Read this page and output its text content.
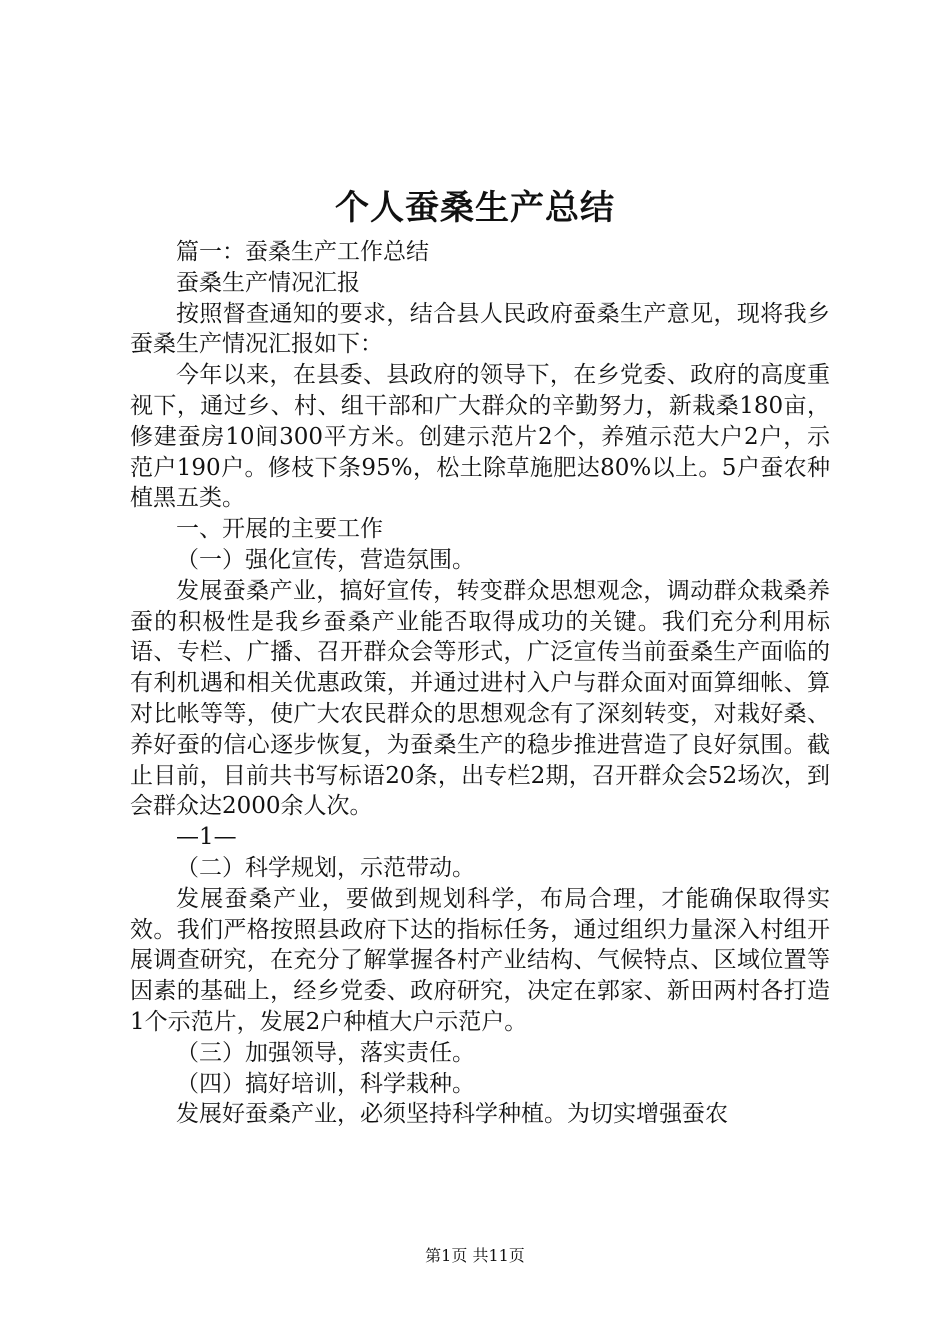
个人蚕桑生产总结

篇一：蚕桑生产工作总结

蚕桑生产情况汇报

按照督查通知的要求，结合县人民政府蚕桑生产意见，现将我乡蚕桑生产情况汇报如下：

今年以来，在县委、县政府的领导下，在乡党委、政府的高度重视下，通过乡、村、组干部和广大群众的辛勤努力，新栽桑180亩，修建蚕房10间300平方米。创建示范片2个，养殖示范大户2户，示范户190户。修枝下条95%，松土除草施肥达80%以上。5户蚕农种植黑五类。

一、开展的主要工作

（一）强化宣传，营造氛围。

发展蚕桑产业，搞好宣传，转变群众思想观念，调动群众栽桑养蚕的积极性是我乡蚕桑产业能否取得成功的关键。我们充分利用标语、专栏、广播、召开群众会等形式，广泛宣传当前蚕桑生产面临的有利机遇和相关优惠政策，并通过进村入户与群众面对面算细帐、算对比帐等等，使广大农民群众的思想观念有了深刻转变，对栽好桑、养好蚕的信心逐步恢复，为蚕桑生产的稳步推进营造了良好氛围。截止目前，目前共书写标语20条，出专栏2期，召开群众会52场次，到会群众达2000余人次。

—1—

（二）科学规划，示范带动。

发展蚕桑产业，要做到规划科学，布局合理，才能确保取得实效。我们严格按照县政府下达的指标任务，通过组织力量深入村组开展调查研究，在充分了解掌握各村产业结构、气候特点、区域位置等因素的基础上，经乡党委、政府研究，决定在郭家、新田两村各打造1个示范片，发展2户种植大户示范户。

（三）加强领导，落实责任。

（四）搞好培训，科学栽种。

发展好蚕桑产业，必须坚持科学种植。为切实增强蚕农

第1页 共11页
